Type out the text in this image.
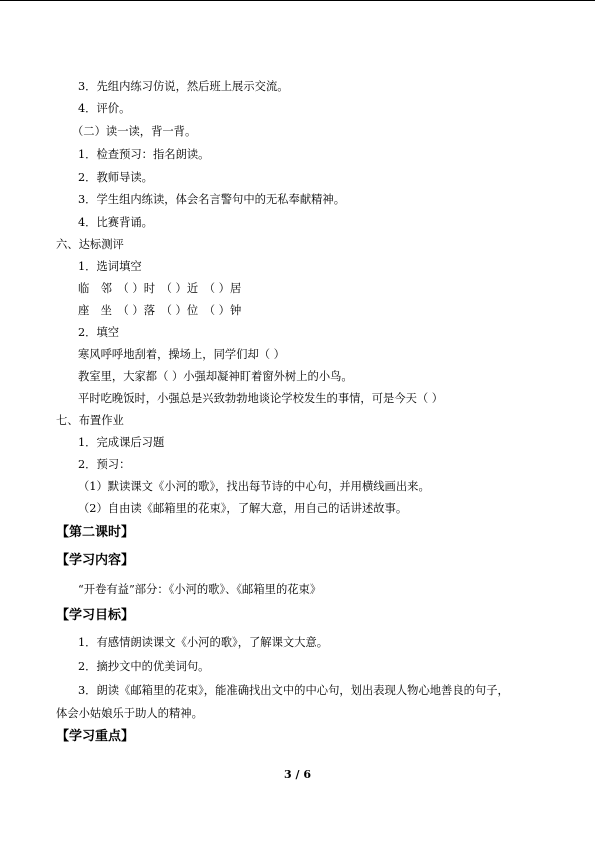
3．先组内练习仿说，然后班上展示交流。
4．评价。
（二）读一读，背一背。
1．检查预习：指名朗读。
2．教师导读。
3．学生组内练读，体会名言警句中的无私奉献精神。
4．比赛背诵。
六、达标测评
1．选词填空
临　邻　（ ）时　（ ）近　（ ）居
座　坐　（ ）落　（ ）位　（ ）钟
2．填空
寒风呼呼地刮着，操场上，同学们却（ ）
教室里，大家都（ ）小强却凝神盯着窗外树上的小鸟。
平时吃晚饭时，小强总是兴致勃勃地谈论学校发生的事情，可是今天（ ）
七、布置作业
1．完成课后习题
2．预习：
（1）默读课文《小河的歌》，找出每节诗的中心句，并用横线画出来。
（2）自由读《邮箱里的花束》，了解大意，用自己的话讲述故事。
【第二课时】
【学习内容】
“开卷有益”部分：《小河的歌》、《邮箱里的花束》
【学习目标】
1．有感情朗读课文《小河的歌》，了解课文大意。
2．摘抄文中的优美词句。
3．朗读《邮箱里的花束》，能准确找出文中的中心句，划出表现人物心地善良的句子，
体会小姑娘乐于助人的精神。
【学习重点】
3 / 6
